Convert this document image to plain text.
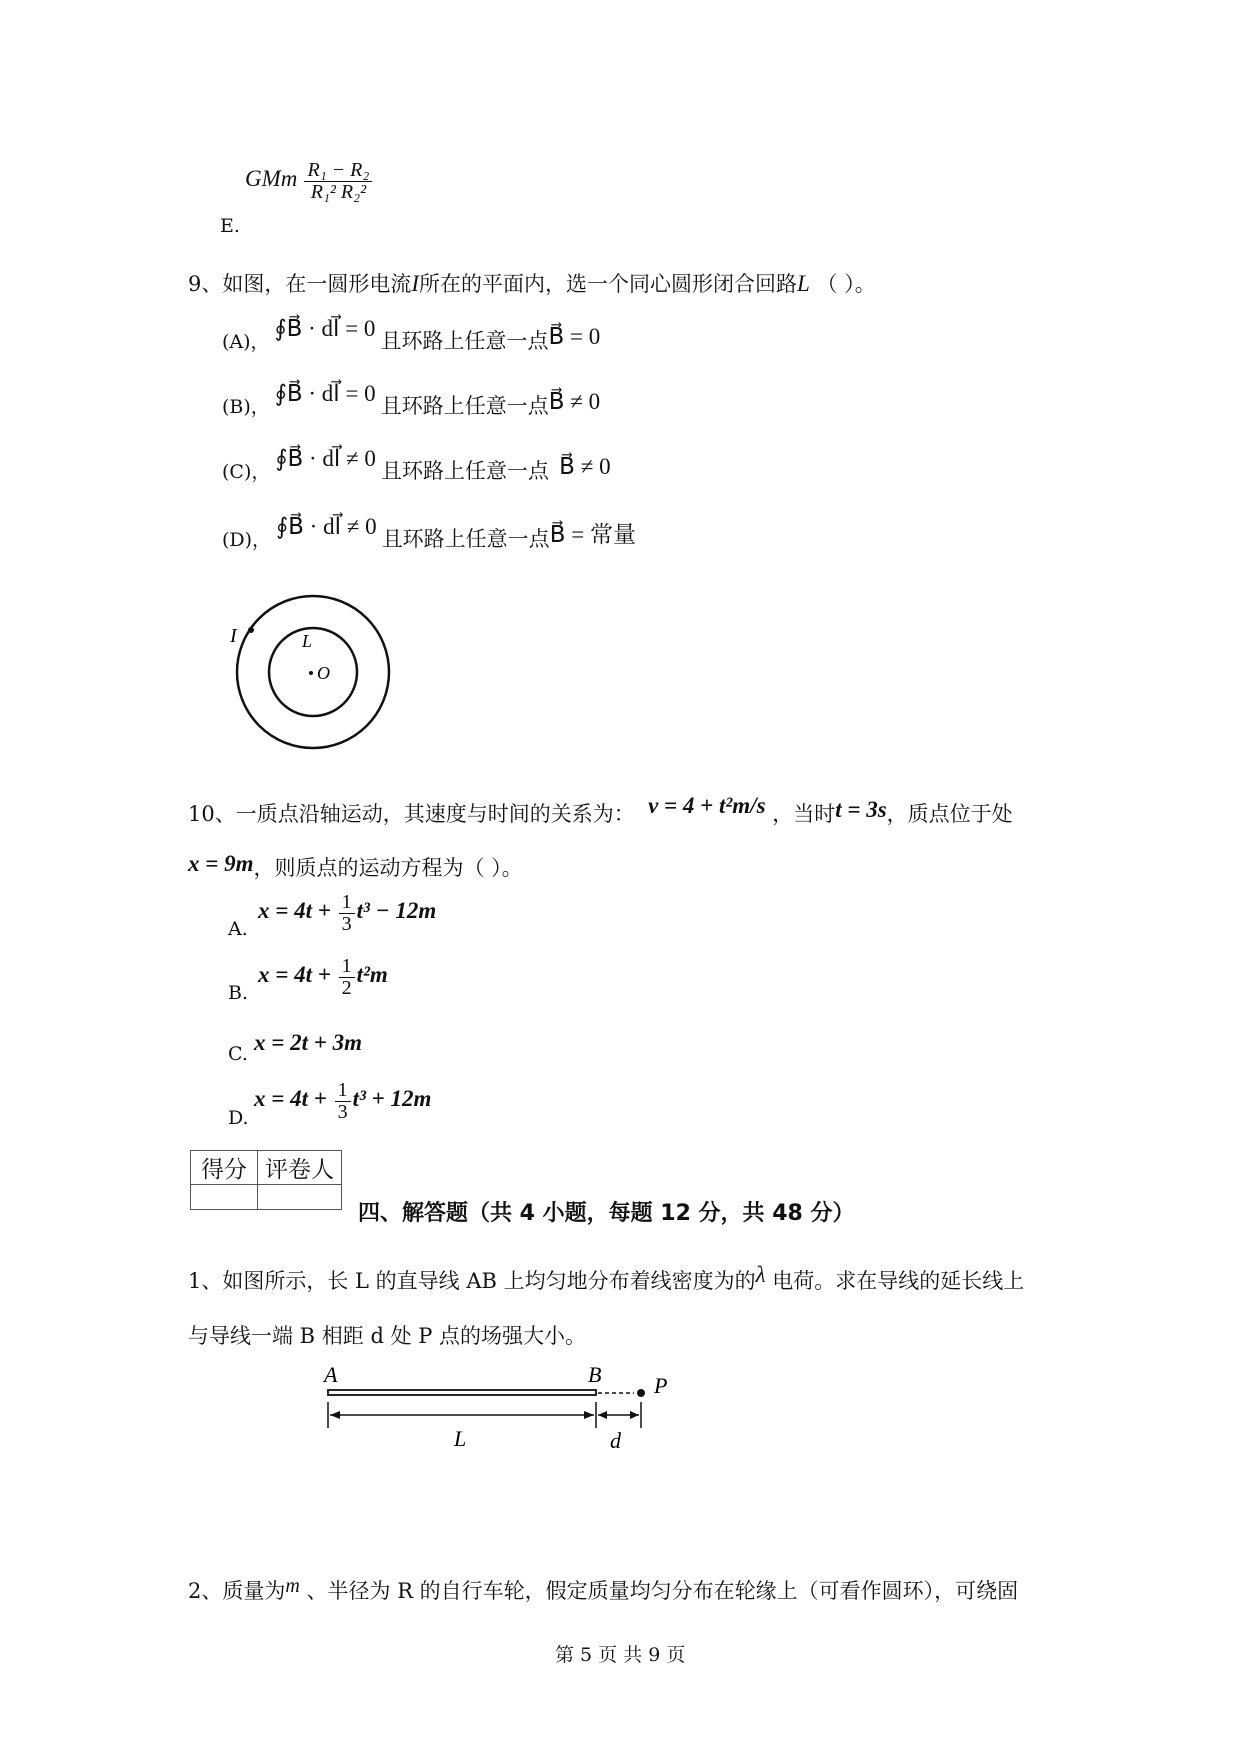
GMm $\frac{\text{R₁ − R₂}}{\text{R₁² R₂²}}$
E.
9、如图，在一圆形电流I所在的平面内，选一个同心圆形闭合回路L （ ）。
(A)， ∮B⃗ · dl⃗ = 0 且环路上任意一点B⃗ = 0
(B)， ∮B⃗ · dl⃗ = 0 且环路上任意一点B⃗ ≠ 0
(C)， ∮B⃗ · dl⃗ ≠ 0 且环路上任意一点 B⃗ ≠ 0
(D)， ∮B⃗ · dl⃗ ≠ 0 且环路上任意一点B⃗ = 常量
I	L
O
10、一质点沿轴运动，其速度与时间的关系为： v = 4 + t²m/s ，当时t = 3s，质点位于处
x = 9m，则质点的运动方程为（ ）。
$x = 4t + \frac{1}{3} t^3 - 12m$
A.
$x = 4t + \frac{1}{2} t^2m$
B.
x = 2t + 3m
C.
$x = 4t + \frac{1}{3} t^3 + 12m$
D.
得分	评卷人

四、解答题（共 4 小题，每题 12 分，共 48 分）
1、如图所示，长 L 的直导线 AB 上均匀地分布着线密度为的λ 电荷。求在导线的延长线上
与导线一端 B 相距 d 处 P 点的场强大小。
A	B P
L	d
2、质量为m 、半径为 R 的自行车轮，假定质量均匀分布在轮缘上（可看作圆环），可绕固
第 5 页 共 9 页
